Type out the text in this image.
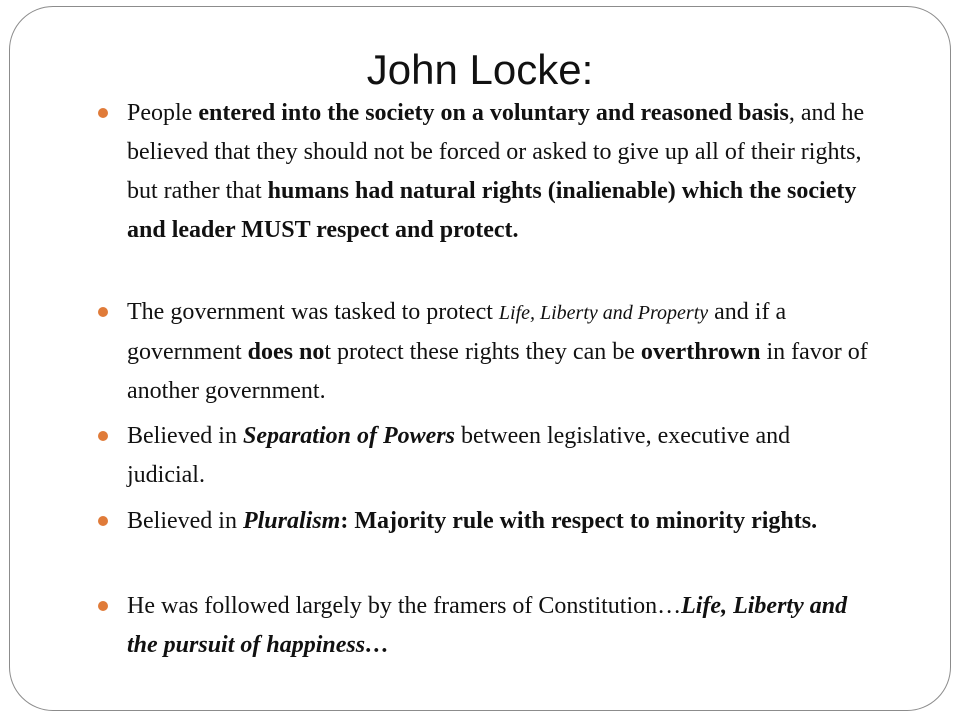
John Locke:
People entered into the society on a voluntary and reasoned basis, and he believed that they should not be forced or asked to give up all of their rights, but rather that humans had natural rights (inalienable) which the society and leader MUST respect and protect.
The government was tasked to protect Life, Liberty and Property and if a government does not protect these rights they can be overthrown in favor of another government.
Believed in Separation of Powers between legislative, executive and judicial.
Believed in Pluralism: Majority rule with respect to minority rights.
He was followed largely by the framers of Constitution…Life, Liberty and the pursuit of happiness…
